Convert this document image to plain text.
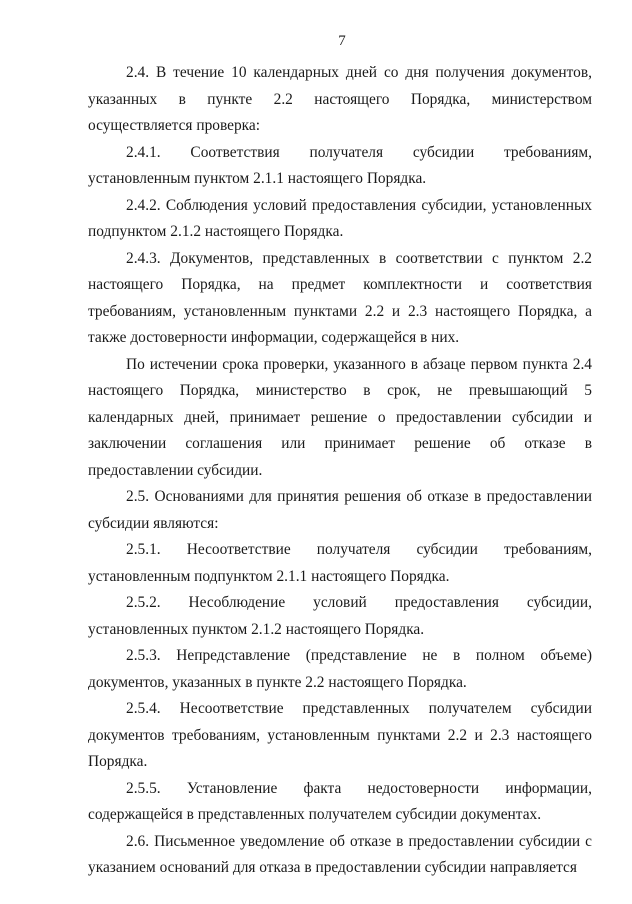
7

2.4. В течение 10 календарных дней со дня получения документов, указанных в пункте 2.2 настоящего Порядка, министерством осуществляется проверка:

2.4.1. Соответствия получателя субсидии требованиям, установленным пунктом 2.1.1 настоящего Порядка.

2.4.2. Соблюдения условий предоставления субсидии, установленных подпунктом 2.1.2 настоящего Порядка.

2.4.3. Документов, представленных в соответствии с пунктом 2.2 настоящего Порядка, на предмет комплектности и соответствия требованиям, установленным пунктами 2.2 и 2.3 настоящего Порядка, а также достоверности информации, содержащейся в них.

По истечении срока проверки, указанного в абзаце первом пункта 2.4 настоящего Порядка, министерство в срок, не превышающий 5 календарных дней, принимает решение о предоставлении субсидии и заключении соглашения или принимает решение об отказе в предоставлении субсидии.

2.5. Основаниями для принятия решения об отказе в предоставлении субсидии являются:

2.5.1. Несоответствие получателя субсидии требованиям, установленным подпунктом 2.1.1 настоящего Порядка.

2.5.2. Несоблюдение условий предоставления субсидии, установленных пунктом 2.1.2 настоящего Порядка.

2.5.3. Непредставление (представление не в полном объеме) документов, указанных в пункте 2.2 настоящего Порядка.

2.5.4. Несоответствие представленных получателем субсидии документов требованиям, установленным пунктами 2.2 и 2.3 настоящего Порядка.

2.5.5. Установление факта недостоверности информации, содержащейся в представленных получателем субсидии документах.

2.6. Письменное уведомление об отказе в предоставлении субсидии с указанием оснований для отказа в предоставлении субсидии направляется
